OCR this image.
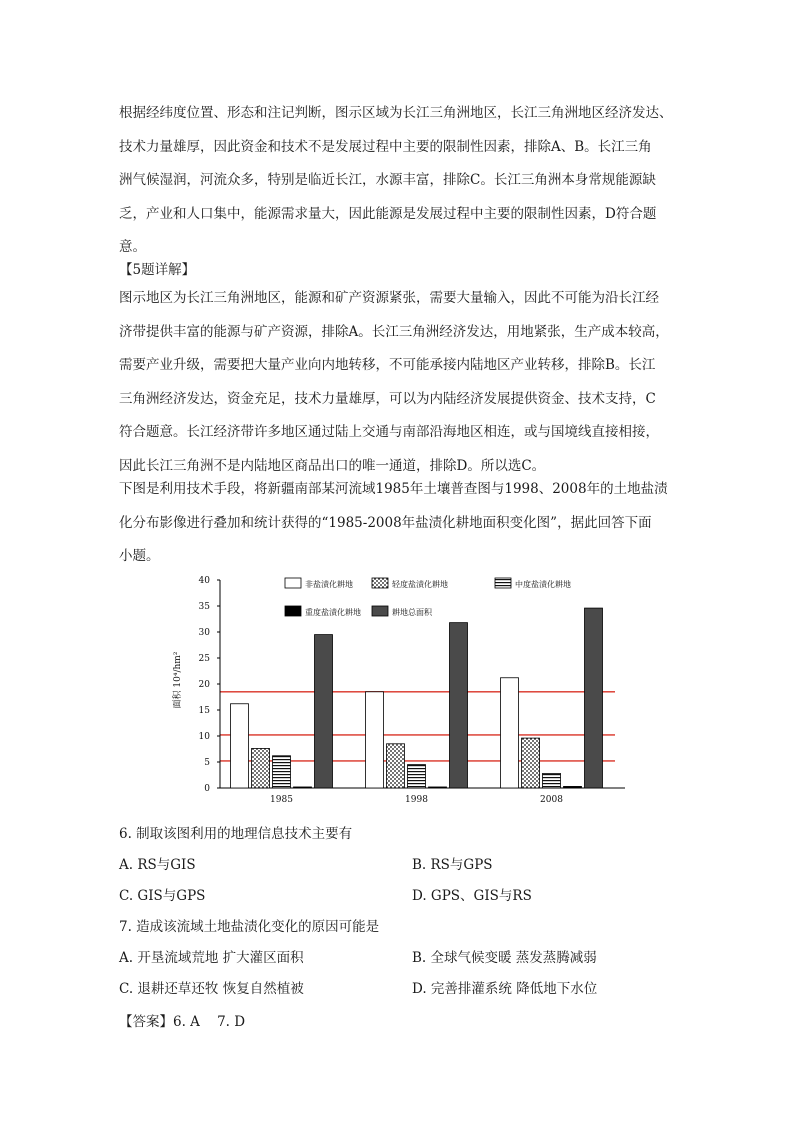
根据经纬度位置、形态和注记判断，图示区域为长江三角洲地区，长江三角洲地区经济发达、
技术力量雄厚，因此资金和技术不是发展过程中主要的限制性因素，排除A、B。长江三角
洲气候湿润，河流众多，特别是临近长江，水源丰富，排除C。长江三角洲本身常规能源缺
乏，产业和人口集中，能源需求量大，因此能源是发展过程中主要的限制性因素，D符合题
意。
【5题详解】
图示地区为长江三角洲地区，能源和矿产资源紧张，需要大量输入，因此不可能为沿长江经
济带提供丰富的能源与矿产资源，排除A。长江三角洲经济发达，用地紧张，生产成本较高，
需要产业升级，需要把大量产业向内地转移，不可能承接内陆地区产业转移，排除B。长江
三角洲经济发达，资金充足，技术力量雄厚，可以为内陆经济发展提供资金、技术支持，C
符合题意。长江经济带许多地区通过陆上交通与南部沿海地区相连，或与国境线直接相接，
因此长江三角洲不是内陆地区商品出口的唯一通道，排除D。所以选C。
下图是利用技术手段，将新疆南部某河流域1985年土壤普查图与1998、2008年的土地盐渍
化分布影像进行叠加和统计获得的“1985-2008年盐渍化耕地面积变化图”，据此回答下面
小题。
0
5
10
15
20
25
30
35
40
1985	1998	2008
非盐渍化耕地	轻度盐渍化耕地	中度盐渍化耕地
重度盐渍化耕地	耕地总面积
面积 10⁴/hm²
6. 制取该图利用的地理信息技术主要有
A. RS与GIS	B. RS与GPS
C. GIS与GPS	D. GPS、GIS与RS
7. 造成该流域土地盐渍化变化的原因可能是
A. 开垦流域荒地 扩大灌区面积	B. 全球气候变暖 蒸发蒸腾减弱
C. 退耕还草还牧 恢复自然植被	D. 完善排灌系统 降低地下水位
【答案】6. A    7. D
